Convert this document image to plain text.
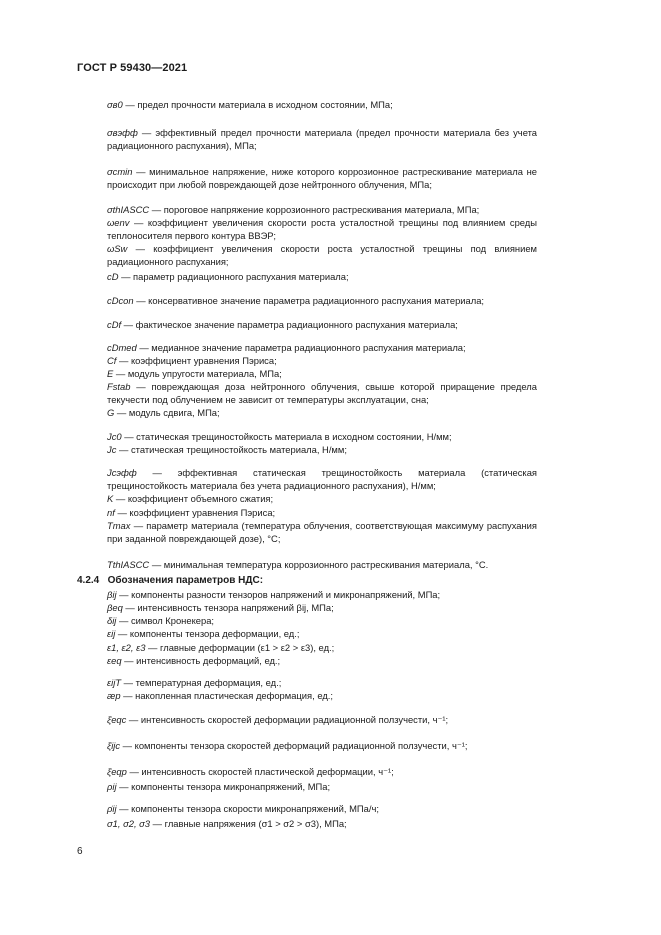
ГОСТ Р 59430—2021
σв0 — предел прочности материала в исходном состоянии, МПа;
σвэфф — эффективный предел прочности материала (предел прочности материала без учета радиационного распухания), МПа;
σcmin — минимальное напряжение, ниже которого коррозионное растрескивание материала не происходит при любой повреждающей дозе нейтронного облучения, МПа;
σthIASCC — пороговое напряжение коррозионного растрескивания материала, МПа;
ωenv — коэффициент увеличения скорости роста усталостной трещины под влиянием среды теплоносителя первого контура ВВЭР;
ωSw — коэффициент увеличения скорости роста усталостной трещины под влиянием радиационного распухания;
cD — параметр радиационного распухания материала;
cDcon — консервативное значение параметра радиационного распухания материала;
cDf — фактическое значение параметра радиационного распухания материала;
cDmed — медианное значение параметра радиационного распухания материала;
Cf — коэффициент уравнения Пэриса;
E — модуль упругости материала, МПа;
Fstab — повреждающая доза нейтронного облучения, свыше которой приращение предела текучести под облучением не зависит от температуры эксплуатации, сна;
G — модуль сдвига, МПа;
Jc0 — статическая трещиностойкость материала в исходном состоянии, Н/мм;
Jc — статическая трещиностойкость материала, Н/мм;
Jcэфф — эффективная статическая трещиностойкость материала (статическая трещиностойкость материала без учета радиационного распухания), Н/мм;
K — коэффициент объемного сжатия;
nf — коэффициент уравнения Пэриса;
Tmax — параметр материала (температура облучения, соответствующая максимуму распухания при заданной повреждающей дозе), °С;
TthIASCC — минимальная температура коррозионного растрескивания материала, °С.
4.2.4 Обозначения параметров НДС:
βij — компоненты разности тензоров напряжений и микронапряжений, МПа;
βeq — интенсивность тензора напряжений βij, МПа;
δij — символ Кронекера;
εij — компоненты тензора деформации, ед.;
ε1, ε2, ε3 — главные деформации (ε1 > ε2 > ε3), ед.;
εeq — интенсивность деформаций, ед.;
εijT — температурная деформация, ед.;
æp — накопленная пластическая деформация, ед.;
ξ̇eqc — интенсивность скоростей деформации радиационной ползучести, ч⁻¹;
ξ̇ijc — компоненты тензора скоростей деформаций радиационной ползучести, ч⁻¹;
ξ̇eqp — интенсивность скоростей пластической деформации, ч⁻¹;
ρij — компоненты тензора микронапряжений, МПа;
ρ̇ij — компоненты тензора скорости микронапряжений, МПа/ч;
σ1, σ2, σ3 — главные напряжения (σ1 > σ2 > σ3), МПа;
6
